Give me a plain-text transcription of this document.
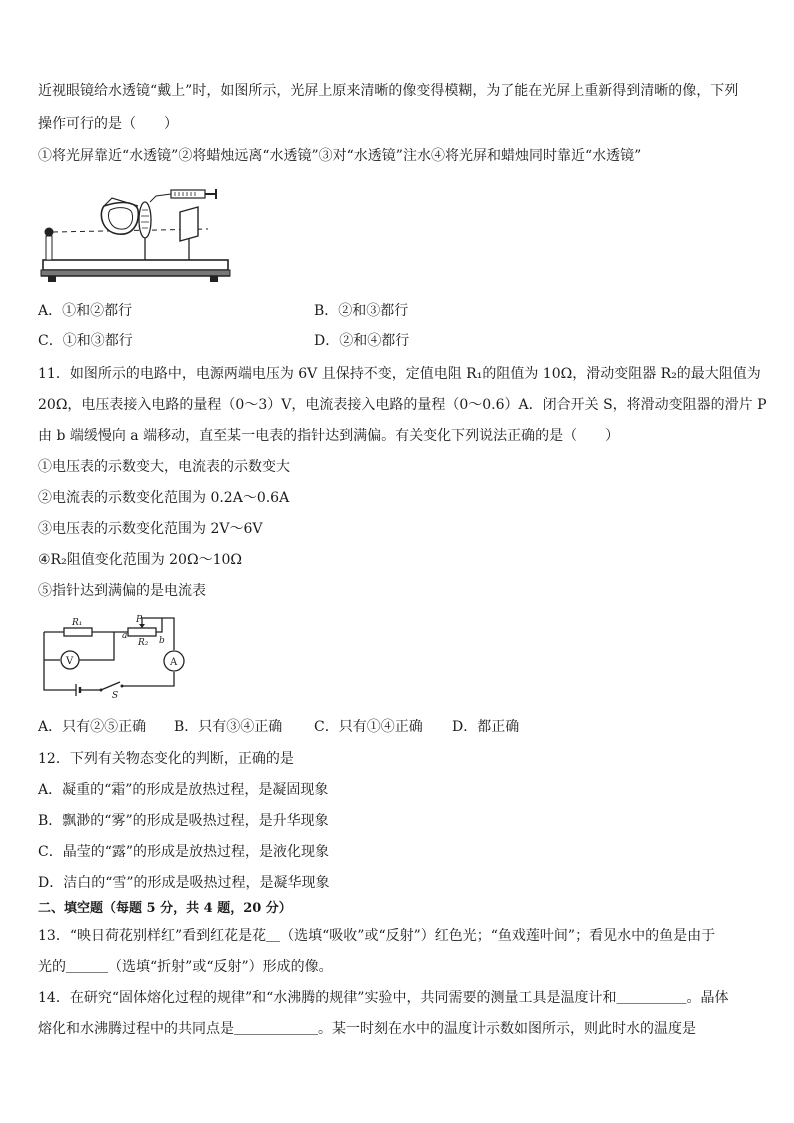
近视眼镜给水透镜“戴上”时，如图所示，光屏上原来清晰的像变得模糊，为了能在光屏上重新得到清晰的像，下列
操作可行的是（　　）
①将光屏靠近“水透镜”②将蜡烛远离“水透镜”③对“水透镜”注水④将光屏和蜡烛同时靠近“水透镜”
A．①和②都行	B．②和③都行
C．①和③都行	D．②和④都行
11．如图所示的电路中，电源两端电压为 6V 且保持不变，定值电阻 R₁的阻值为 10Ω，滑动变阻器 R₂的最大阻值为
20Ω，电压表接入电路的量程（0～3）V，电流表接入电路的量程（0～0.6）A．闭合开关 S，将滑动变阻器的滑片 P
由 b 端缓慢向 a 端移动，直至某一电表的指针达到满偏。有关变化下列说法正确的是（　　）
①电压表的示数变大，电流表的示数变大
②电流表的示数变化范围为 0.2A～0.6A
③电压表的示数变化范围为 2V～6V
④R₂阻值变化范围为 20Ω～10Ω
⑤指针达到满偏的是电流表
R₁
R₂
a	b
P
V	A
S
A．只有②⑤正确 B．只有③④正确 C．只有①④正确 D．都正确
12．下列有关物态变化的判断，正确的是
A．凝重的“霜”的形成是放热过程，是凝固现象
B．飘渺的“雾”的形成是吸热过程，是升华现象
C．晶莹的“露”的形成是放热过程，是液化现象
D．洁白的“雪”的形成是吸热过程，是凝华现象
二、填空题（每题 5 分，共 4 题，20 分）
13．“映日荷花别样红”看到红花是花＿（选填“吸收”或“反射”）红色光；“鱼戏莲叶间”；看见水中的鱼是由于
光的＿＿＿（选填“折射”或“反射”）形成的像。
14．在研究“固体熔化过程的规律”和“水沸腾的规律”实验中，共同需要的测量工具是温度计和＿＿＿＿＿。晶体
熔化和水沸腾过程中的共同点是＿＿＿＿＿＿。某一时刻在水中的温度计示数如图所示，则此时水的温度是
